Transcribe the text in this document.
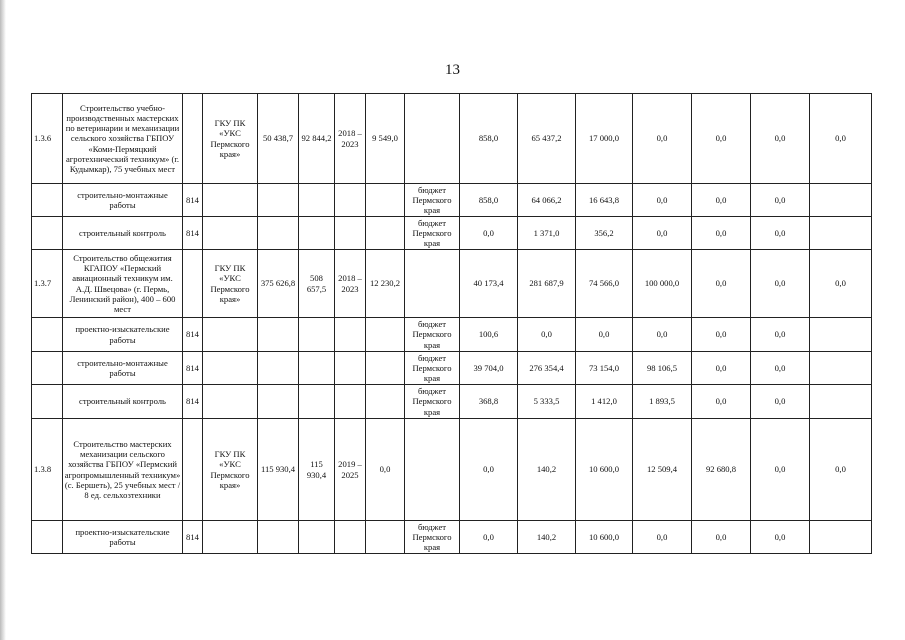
13
1.3.6	Строительство учебно-производственных мастерских по ветеринарии и механизации сельского хозяйства ГБПОУ «Коми-Пермяцкий агротехнический техникум» (г. Кудымкар), 75 учебных мест		ГКУ ПК «УКС Пермского края»	50 438,7	92 844,2	2018 – 2023	9 549,0		858,0	65 437,2	17 000,0	0,0	0,0	0,0	0,0
	строительно-монтажные работы	814						бюджет Пермского края	858,0	64 066,2	16 643,8	0,0	0,0	0,0	
	строительный контроль	814						бюджет Пермского края	0,0	1 371,0	356,2	0,0	0,0	0,0	
1.3.7	Строительство общежития КГАПОУ «Пермский авиационный техникум им. А.Д. Швецова» (г. Пермь, Ленинский район), 400 – 600 мест		ГКУ ПК «УКС Пермского края»	375 626,8	508 657,5	2018 – 2023	12 230,2		40 173,4	281 687,9	74 566,0	100 000,0	0,0	0,0	0,0
	проектно-изыскательские работы	814						бюджет Пермского края	100,6	0,0	0,0	0,0	0,0	0,0	
	строительно-монтажные работы	814						бюджет Пермского края	39 704,0	276 354,4	73 154,0	98 106,5	0,0	0,0	
	строительный контроль	814						бюджет Пермского края	368,8	5 333,5	1 412,0	1 893,5	0,0	0,0	
1.3.8	Строительство мастерских механизации сельского хозяйства ГБПОУ «Пермский агропромышленный техникум» (с. Бершеть), 25 учебных мест / 8 ед. сельхозтехники		ГКУ ПК «УКС Пермского края»	115 930,4	115 930,4	2019 – 2025	0,0		0,0	140,2	10 600,0	12 509,4	92 680,8	0,0	0,0
	проектно-изыскательские работы	814						бюджет Пермского края	0,0	140,2	10 600,0	0,0	0,0	0,0	
